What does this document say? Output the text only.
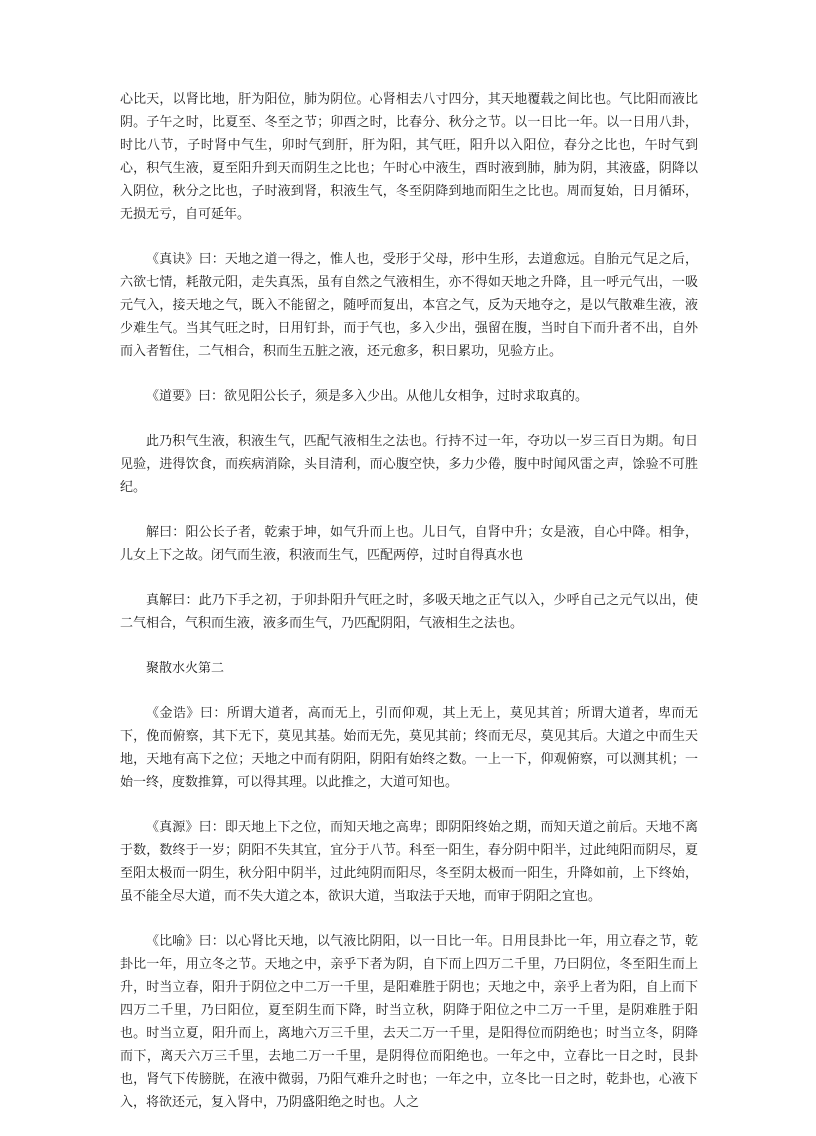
心比天，以肾比地，肝为阳位，肺为阴位。心肾相去八寸四分，其天地覆载之间比也。气比阳而液比阴。子午之时，比夏至、冬至之节；卯酉之时，比春分、秋分之节。以一日比一年。以一日用八卦，时比八节，子时肾中气生，卯时气到肝，肝为阳，其气旺，阳升以入阳位，春分之比也，午时气到心，积气生液，夏至阳升到天而阴生之比也；午时心中液生，酉时液到肺，肺为阴，其液盛，阴降以入阴位，秋分之比也，子时液到肾，积液生气，冬至阴降到地而阳生之比也。周而复始，日月循环，无损无亏，自可延年。

《真诀》曰：天地之道一得之，惟人也，受形于父母，形中生形，去道愈远。自胎元气足之后，六欲七情，耗散元阳，走失真炁，虽有自然之气液相生，亦不得如天地之升降，且一呼元气出，一吸元气入，接天地之气，既入不能留之，随呼而复出，本宫之气，反为天地夺之，是以气散难生液，液少难生气。当其气旺之时，日用钉卦，而于气也，多入少出，强留在腹，当时自下而升者不出，自外而入者暂住，二气相合，积而生五脏之液，还元愈多，积日累功，见验方止。

《道要》曰：欲见阳公长子，须是多入少出。从他儿女相争，过时求取真的。

此乃积气生液，积液生气，匹配气液相生之法也。行持不过一年，夺功以一岁三百日为期。旬日见验，进得饮食，而疾病消除，头目清利，而心腹空快，多力少倦，腹中时闻风雷之声，馀验不可胜纪。

解曰：阳公长子者，乾索于坤，如气升而上也。儿日气，自肾中升；女是液，自心中降。相争，儿女上下之故。闭气而生液，积液而生气，匹配两停，过时自得真水也

真解曰：此乃下手之初，于卯卦阳升气旺之时，多吸天地之正气以入，少呼自己之元气以出，使二气相合，气积而生液，液多而生气，乃匹配阴阳，气液相生之法也。

聚散水火第二

《金诰》曰：所谓大道者，高而无上，引而仰观，其上无上，莫见其首；所谓大道者，卑而无下，俛而俯察，其下无下，莫见其基。始而无先，莫见其前；终而无尽，莫见其后。大道之中而生天地，天地有高下之位；天地之中而有阴阳，阴阳有始终之数。一上一下，仰观俯察，可以测其机；一始一终，度数推算，可以得其理。以此推之，大道可知也。

《真源》曰：即天地上下之位，而知天地之高卑；即阴阳终始之期，而知天道之前后。天地不离于数，数终于一岁；阴阳不失其宜，宜分于八节。科至一阳生，春分阴中阳半，过此纯阳而阴尽，夏至阳太极而一阴生，秋分阳中阴半，过此纯阴而阳尽，冬至阴太极而一阳生，升降如前，上下终始，虽不能全尽大道，而不失大道之本，欲识大道，当取法于天地，而审于阴阳之宜也。

《比喻》曰：以心肾比天地，以气液比阴阳，以一日比一年。日用艮卦比一年，用立春之节，乾卦比一年，用立冬之节。天地之中，亲乎下者为阴，自下而上四万二千里，乃曰阴位，冬至阳生而上升，时当立春，阳升于阴位之中二万一千里，是阳难胜于阴也；天地之中，亲乎上者为阳，自上而下四万二千里，乃曰阳位，夏至阴生而下降，时当立秋，阴降于阳位之中二万一千里，是阴难胜于阳也。时当立夏，阳升而上，离地六万三千里，去天二万一千里，是阳得位而阴绝也；时当立冬，阴降而下，离天六万三千里，去地二万一千里，是阴得位而阳绝也。一年之中，立春比一日之时，艮卦也，肾气下传膀胱，在液中微弱，乃阳气难升之时也；一年之中，立冬比一日之时，乾卦也，心液下入，将欲还元，复入肾中，乃阴盛阳绝之时也。人之
